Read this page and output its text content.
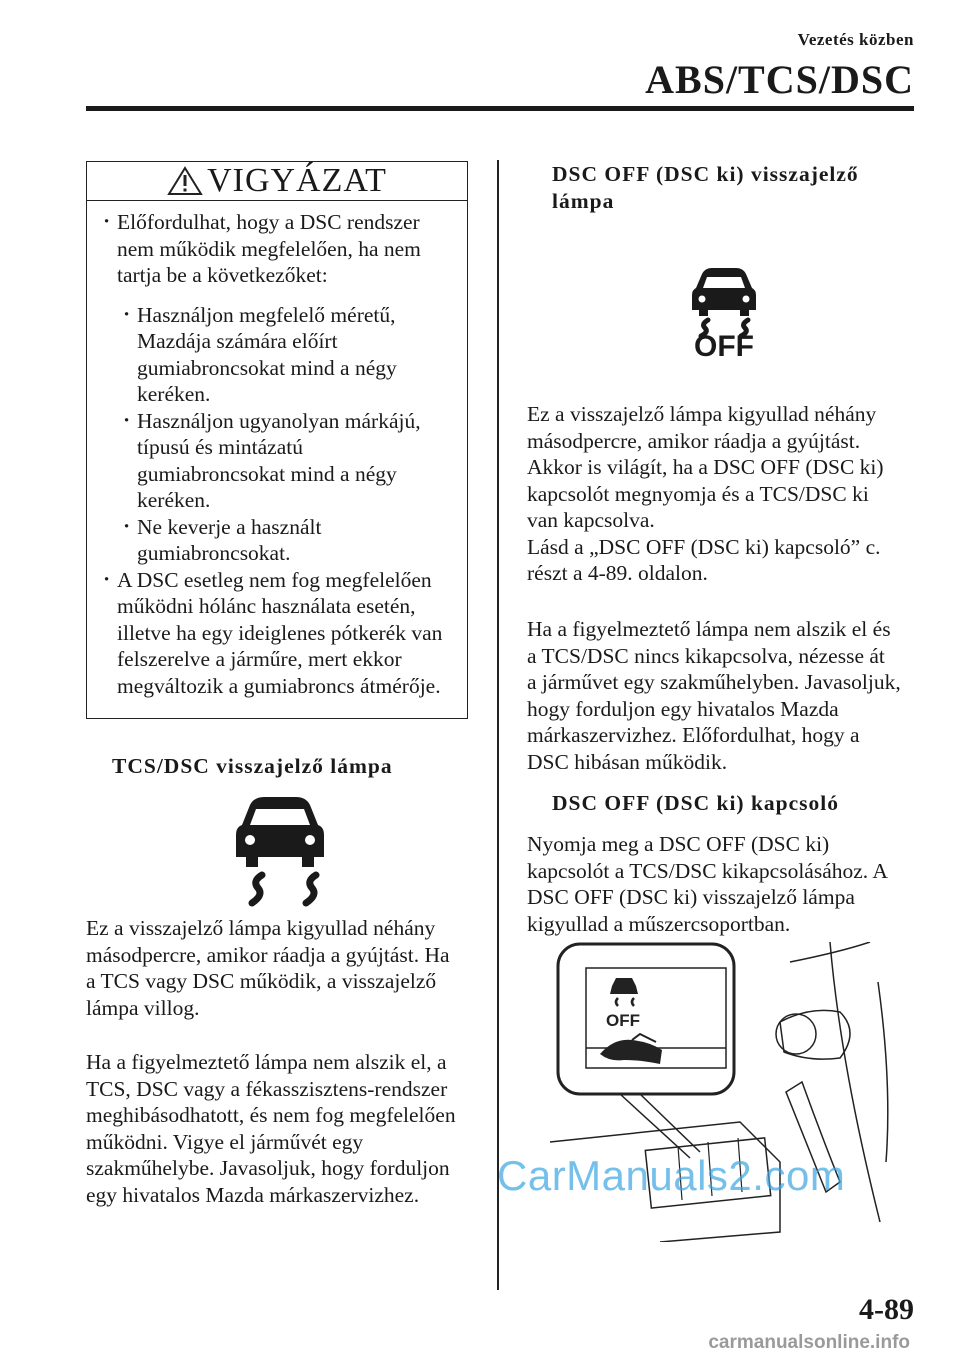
Vezetés közben
ABS/TCS/DSC
VIGYÁZAT
· Előfordulhat, hogy a DSC rendszer
nem működik megfelelően, ha nem
tartja be a következőket:
· Használjon megfelelő méretű,
Mazdája számára előírt
gumiabroncsokat mind a négy
keréken.
· Használjon ugyanolyan márkájú,
típusú és mintázatú
gumiabroncsokat mind a négy
keréken.
· Ne keverje a használt
gumiabroncsokat.
· A DSC esetleg nem fog megfelelően
működni hólánc használata esetén,
illetve ha egy ideiglenes pótkerék van
felszerelve a járműre, mert ekkor
megváltozik a gumiabroncs átmérője.
TCS/DSC visszajelző lámpa
Ez a visszajelző lámpa kigyullad néhány
másodpercre, amikor ráadja a gyújtást. Ha
a TCS vagy DSC működik, a visszajelző
lámpa villog.
Ha a figyelmeztető lámpa nem alszik el, a
TCS, DSC vagy a fékasszisztens-rendszer
meghibásodhatott, és nem fog megfelelően
működni. Vigye el járművét egy
szakműhelybe. Javasoljuk, hogy forduljon
egy hivatalos Mazda márkaszervizhez.
DSC OFF (DSC ki) visszajelző
lámpa
OFF
Ez a visszajelző lámpa kigyullad néhány
másodpercre, amikor ráadja a gyújtást.
Akkor is világít, ha a DSC OFF (DSC ki)
kapcsolót megnyomja és a TCS/DSC ki
van kapcsolva.
Lásd a „DSC OFF (DSC ki) kapcsoló” c.
részt a 4-89. oldalon.
Ha a figyelmeztető lámpa nem alszik el és
a TCS/DSC nincs kikapcsolva, nézesse át
a járművet egy szakműhelyben. Javasoljuk,
hogy forduljon egy hivatalos Mazda
márkaszervizhez. Előfordulhat, hogy a
DSC hibásan működik.
DSC OFF (DSC ki) kapcsoló
Nyomja meg a DSC OFF (DSC ki)
kapcsolót a TCS/DSC kikapcsolásához. A
DSC OFF (DSC ki) visszajelző lámpa
kigyullad a műszercsoportban.
OFF
CarManuals2.com
4-89
carmanualsonline.info
